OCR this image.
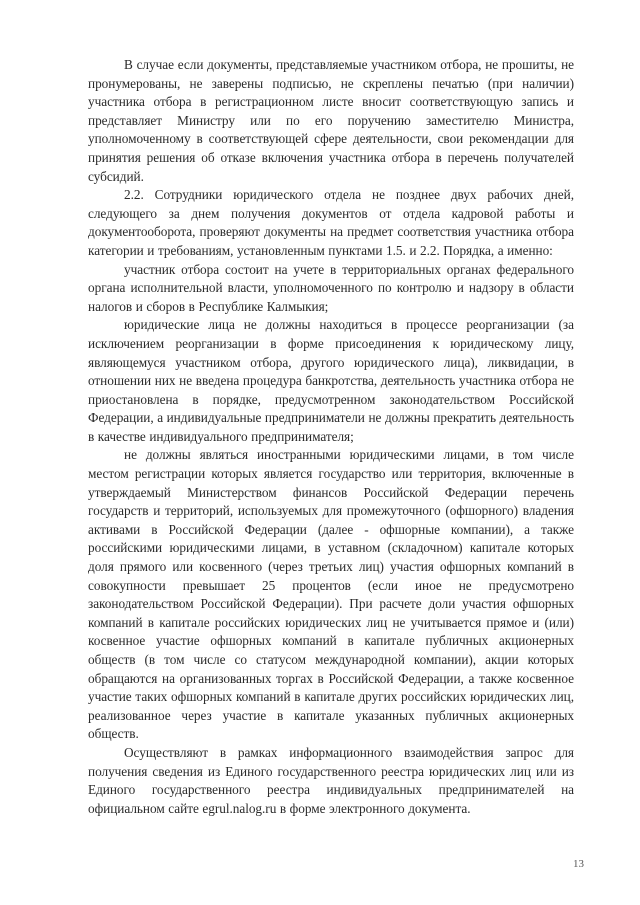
В случае если документы, представляемые участником отбора, не прошиты, не пронумерованы, не заверены подписью, не скреплены печатью (при наличии) участника отбора в регистрационном листе вносит соответствующую запись и представляет Министру или по его поручению заместителю Министра, уполномоченному в соответствующей сфере деятельности, свои рекомендации для принятия решения об отказе включения участника отбора в перечень получателей субсидий.

2.2. Сотрудники юридического отдела не позднее двух рабочих дней, следующего за днем получения документов от отдела кадровой работы и документооборота, проверяют документы на предмет соответствия участника отбора категории и требованиям, установленным пунктами 1.5. и 2.2. Порядка, а именно:

участник отбора состоит на учете в территориальных органах федерального органа исполнительной власти, уполномоченного по контролю и надзору в области налогов и сборов в Республике Калмыкия;

юридические лица не должны находиться в процессе реорганизации (за исключением реорганизации в форме присоединения к юридическому лицу, являющемуся участником отбора, другого юридического лица), ликвидации, в отношении них не введена процедура банкротства, деятельность участника отбора не приостановлена в порядке, предусмотренном законодательством Российской Федерации, а индивидуальные предприниматели не должны прекратить деятельность в качестве индивидуального предпринимателя;

не должны являться иностранными юридическими лицами, в том числе местом регистрации которых является государство или территория, включенные в утверждаемый Министерством финансов Российской Федерации перечень государств и территорий, используемых для промежуточного (офшорного) владения активами в Российской Федерации (далее - офшорные компании), а также российскими юридическими лицами, в уставном (складочном) капитале которых доля прямого или косвенного (через третьих лиц) участия офшорных компаний в совокупности превышает 25 процентов (если иное не предусмотрено законодательством Российской Федерации). При расчете доли участия офшорных компаний в капитале российских юридических лиц не учитывается прямое и (или) косвенное участие офшорных компаний в капитале публичных акционерных обществ (в том числе со статусом международной компании), акции которых обращаются на организованных торгах в Российской Федерации, а также косвенное участие таких офшорных компаний в капитале других российских юридических лиц, реализованное через участие в капитале указанных публичных акционерных обществ.

Осуществляют в рамках информационного взаимодействия запрос для получения сведения из Единого государственного реестра юридических лиц или из Единого государственного реестра индивидуальных предпринимателей на официальном сайте egrul.nalog.ru в форме электронного документа.

13
